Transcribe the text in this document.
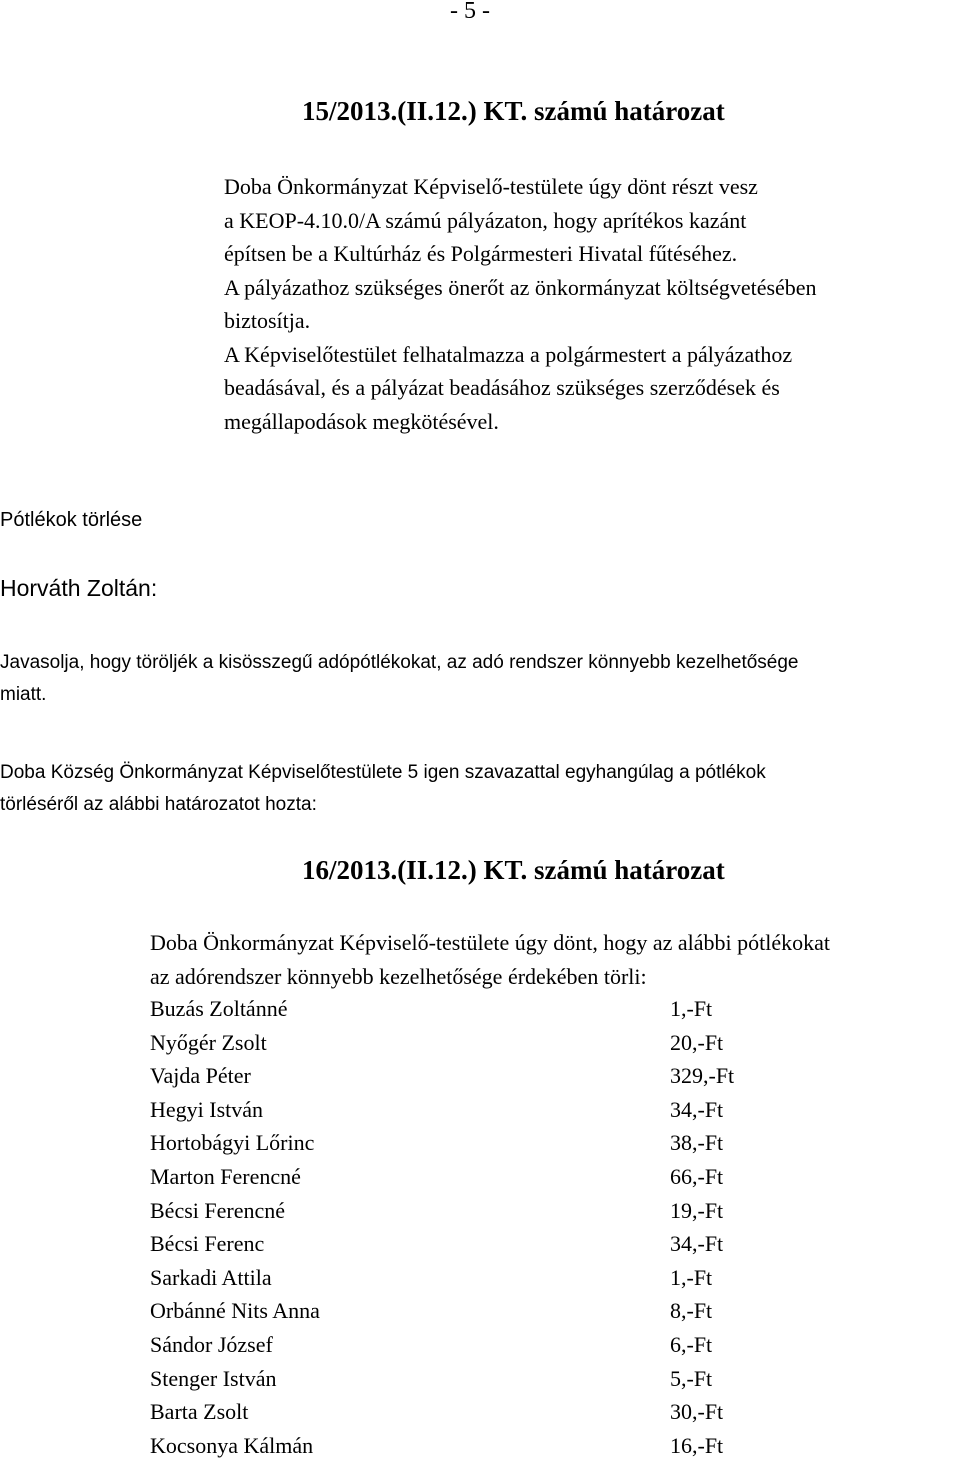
- 5 -
15/2013.(II.12.) KT. számú határozat
Doba Önkormányzat Képviselő-testülete úgy dönt részt vesz
a KEOP-4.10.0/A számú pályázaton, hogy aprítékos kazánt
építsen be a Kultúrház és Polgármesteri Hivatal fűtéséhez.
A pályázathoz szükséges önerőt az önkormányzat költségvetésében
biztosítja.
A Képviselőtestület felhatalmazza a polgármestert a pályázathoz
beadásával, és a pályázat beadásához szükséges szerződések és
megállapodások megkötésével.
Pótlékok törlése
Horváth Zoltán:
Javasolja, hogy töröljék a kisösszegű adópótlékokat, az adó rendszer könnyebb kezelhetősége
miatt.
Doba Község Önkormányzat Képviselőtestülete 5 igen szavazattal egyhangúlag a pótlékok
törléséről az alábbi határozatot hozta:
16/2013.(II.12.) KT. számú határozat
Doba Önkormányzat Képviselő-testülete úgy dönt, hogy az alábbi pótlékokat
az adórendszer könnyebb kezelhetősége érdekében törli:
Buzás Zoltánné	1,-Ft
Nyőgér Zsolt	20,-Ft
Vajda Péter	329,-Ft
Hegyi István	34,-Ft
Hortobágyi Lőrinc	38,-Ft
Marton Ferencné	66,-Ft
Bécsi Ferencné	19,-Ft
Bécsi Ferenc	34,-Ft
Sarkadi Attila	1,-Ft
Orbánné Nits Anna	8,-Ft
Sándor József	6,-Ft
Stenger István	5,-Ft
Barta Zsolt	30,-Ft
Kocsonya Kálmán	16,-Ft
